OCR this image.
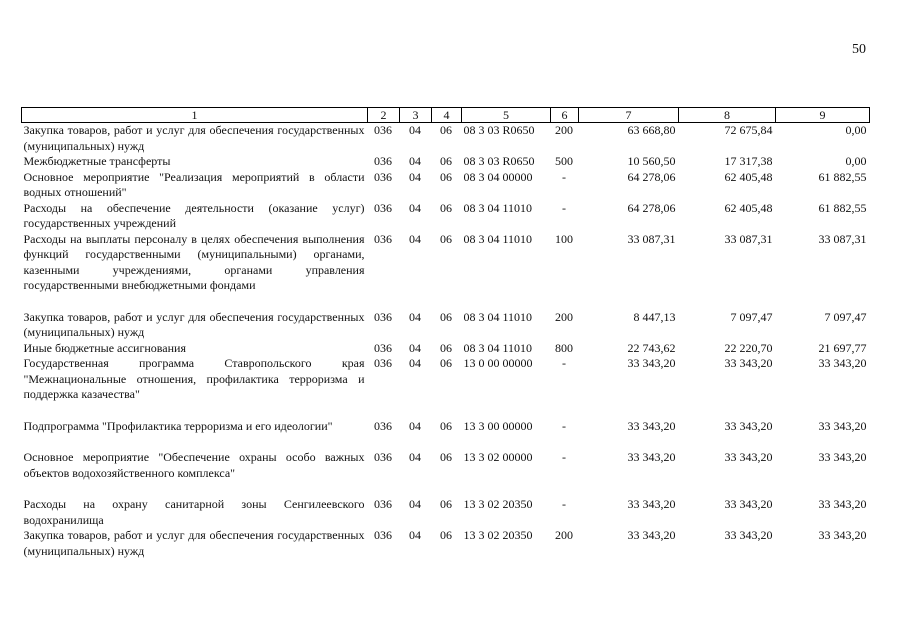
50
1	2	3	4	5	6	7	8	9
Закупка товаров, работ и услуг для обеспечения государственных (муниципальных) нужд	036	04	06	08 3 03 R0650	200	63 668,80	72 675,84	0,00
Межбюджетные трансферты	036	04	06	08 3 03 R0650	500	10 560,50	17 317,38	0,00
Основное мероприятие "Реализация мероприятий в области водных отношений"	036	04	06	08 3 04 00000	-	64 278,06	62 405,48	61 882,55
Расходы на обеспечение деятельности (оказание услуг) государственных учреждений	036	04	06	08 3 04 11010	-	64 278,06	62 405,48	61 882,55
Расходы на выплаты персоналу в целях обеспечения выполнения функций государственными (муниципальными) органами, казенными учреждениями, органами управления государственными внебюджетными фондами	036	04	06	08 3 04 11010	100	33 087,31	33 087,31	33 087,31
Закупка товаров, работ и услуг для обеспечения государственных (муниципальных) нужд	036	04	06	08 3 04 11010	200	8 447,13	7 097,47	7 097,47
Иные бюджетные ассигнования	036	04	06	08 3 04 11010	800	22 743,62	22 220,70	21 697,77
Государственная программа Ставропольского края "Межнациональные отношения, профилактика терроризма и поддержка казачества"	036	04	06	13 0 00 00000	-	33 343,20	33 343,20	33 343,20
Подпрограмма "Профилактика терроризма и его идеологии"	036	04	06	13 3 00 00000	-	33 343,20	33 343,20	33 343,20
Основное мероприятие "Обеспечение охраны особо важных объектов водохозяйственного комплекса"	036	04	06	13 3 02 00000	-	33 343,20	33 343,20	33 343,20
Расходы на охрану санитарной зоны Сенгилеевского водохранилища	036	04	06	13 3 02 20350	-	33 343,20	33 343,20	33 343,20
Закупка товаров, работ и услуг для обеспечения государственных (муниципальных) нужд	036	04	06	13 3 02 20350	200	33 343,20	33 343,20	33 343,20
